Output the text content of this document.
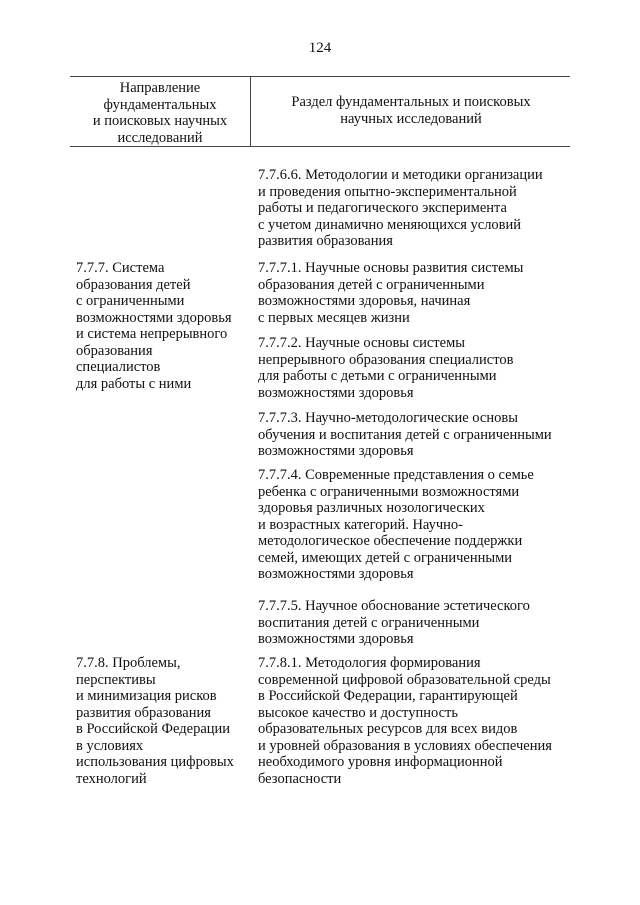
124
Направление
фундаментальных
и поисковых научных
исследований
Раздел фундаментальных и поисковых
научных исследований
7.7.6.6. Методологии и методики организации
и проведения опытно-экспериментальной
работы и педагогического эксперимента
с учетом динамично меняющихся условий
развития образования
7.7.7. Система
образования детей
с ограниченными
возможностями здоровья
и система непрерывного
образования
специалистов
для работы с ними
7.7.7.1. Научные основы развития системы
образования детей с ограниченными
возможностями здоровья, начиная
с первых месяцев жизни
7.7.7.2. Научные основы системы
непрерывного образования специалистов
для работы с детьми с ограниченными
возможностями здоровья
7.7.7.3. Научно-методологические основы
обучения и воспитания детей с ограниченными
возможностями здоровья
7.7.7.4. Современные представления о семье
ребенка с ограниченными возможностями
здоровья различных нозологических
и возрастных категорий. Научно-
методологическое обеспечение поддержки
семей, имеющих детей с ограниченными
возможностями здоровья
7.7.7.5. Научное обоснование эстетического
воспитания детей с ограниченными
возможностями здоровья
7.7.8. Проблемы,
перспективы
и минимизация рисков
развития образования
в Российской Федерации
в условиях
использования цифровых
технологий
7.7.8.1. Методология формирования
современной цифровой образовательной среды
в Российской Федерации, гарантирующей
высокое качество и доступность
образовательных ресурсов для всех видов
и уровней образования в условиях обеспечения
необходимого уровня информационной
безопасности
